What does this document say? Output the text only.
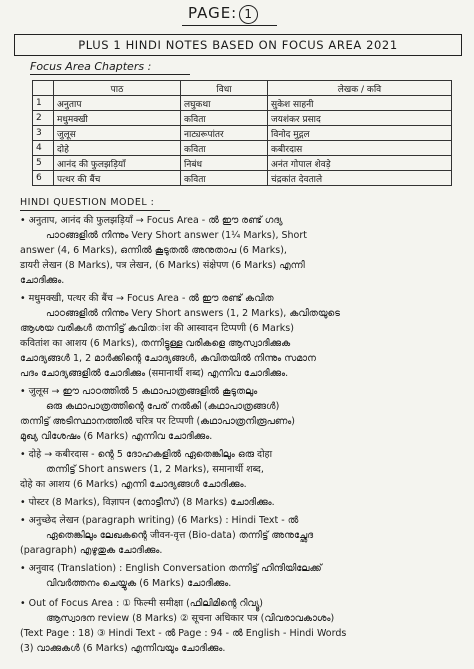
PAGE: 1
PLUS 1 HINDI NOTES BASED ON FOCUS AREA 2021
Focus Area Chapters :
	पाठ	विधा	लेखक / कवि
1	अनुताप	लघुकथा	सुकेश साहनी
2	मधुमक्खी	कविता	जयशंकर प्रसाद
3	जुलूस	नाट्यरूपांतर	विनोद मुद्गल
4	दोहे	कविता	कबीरदास
5	आनंद की फुलझड़ियाँ	निबंध	अनंत गोपाल शेवड़े
6	पत्थर की बैंच	कविता	चंद्रकांत देवताले
HINDI QUESTION MODEL :
• अनुताप, आनंद की फुलझड़ियाँ → Focus Area - ൽ ഈ രണ്ട് ഗദ്യ
പാഠങ്ങളിൽ നിന്നും Very Short answer (1¼ Marks), Short
answer (4, 6 Marks), ഒന്നിൽ കൂടുതൽ അനുതാപ (6 Marks),
डायरी लेखन (8 Marks), पत्र लेखन, (6 Marks) संक्षेपण (6 Marks) എന്നി
ചോദിക്കും.
• मधुमक्खी, पत्थर की बैंच → Focus Area - ൽ ഈ രണ്ട് കവിത
പാഠങ്ങളിൽ നിന്നും Very Short answers (1, 2 Marks), കവിതയുടെ
ആശയ വരികൾ തന്നിട്ട് കവിതांश की आस्वादन टिप्पणी (6 Marks)
कवितांश का आशय (6 Marks), തന്നിട്ടുള്ള വരികളെ ആസ്വാദിക്കുക
ചോദ്യങ്ങൾ 1, 2 മാർക്കിന്റെ ചോദ്യങ്ങൾ, കവിതയിൽ നിന്നും സമാന
പദം ചോദ്യങ്ങളിൽ ചോദിക്കും (समानार्थी शब्द) എന്നിവ ചോദിക്കും.
• जुलूस → ഈ പാഠത്തിൽ 5 കഥാപാത്രങ്ങളിൽ കൂടുതലും
ഒരു കഥാപാത്രത്തിന്റെ പേര് നൽകി (കഥാപാത്രങ്ങൾ)
തന്നിട്ട് അടിസ്ഥാനത്തിൽ चरित्र पर टिप्पणी (കഥാപാത്രനിരൂപണം)
മുഖ്യ വിശേഷം (6 Marks) എന്നിവ ചോദിക്കും.
• दोहे → कबीरदास - ന്റെ 5 ദോഹകളിൽ ഏതെങ്കിലും ഒരു दोहा
തന്നിട്ട് Short answers (1, 2 Marks), समानार्थी शब्द,
दोहे का आशय (6 Marks) എന്നി ചോദ്യങ്ങൾ ചോദിക്കും.
• पोस्टर (8 Marks), विज्ञापन (നോട്ടീസ്) (8 Marks) ചോദിക്കും.
• अनुच्छेद लेखन (paragraph writing) (6 Marks) : Hindi Text - ൽ
ഏതെങ്കിലും ലേഖകന്റെ जीवन-वृत्त (Bio-data) തന്നിട്ട് അനുച്ഛേദ
(paragraph) എഴുതുക ചോദിക്കും.
• अनुवाद (Translation) : English Conversation തന്നിട്ട് ഹിന്ദിയിലേക്ക്
വിവർത്തനം ചെയ്യുക (6 Marks) ചോദിക്കും.
• Out of Focus Area : ① फिल्मी समीक्षा (ഫിലിമിന്റെ റിവ്യൂ)
ആസ്വാദന review (8 Marks) ② सूचना अधिकार पत्र (വിവരാവകാശം)
(Text Page : 18) ③ Hindi Text - ൽ Page : 94 - ൽ English - Hindi Words
(3) വാക്കുകൾ (6 Marks) എന്നിവയും ചോദിക്കും.
